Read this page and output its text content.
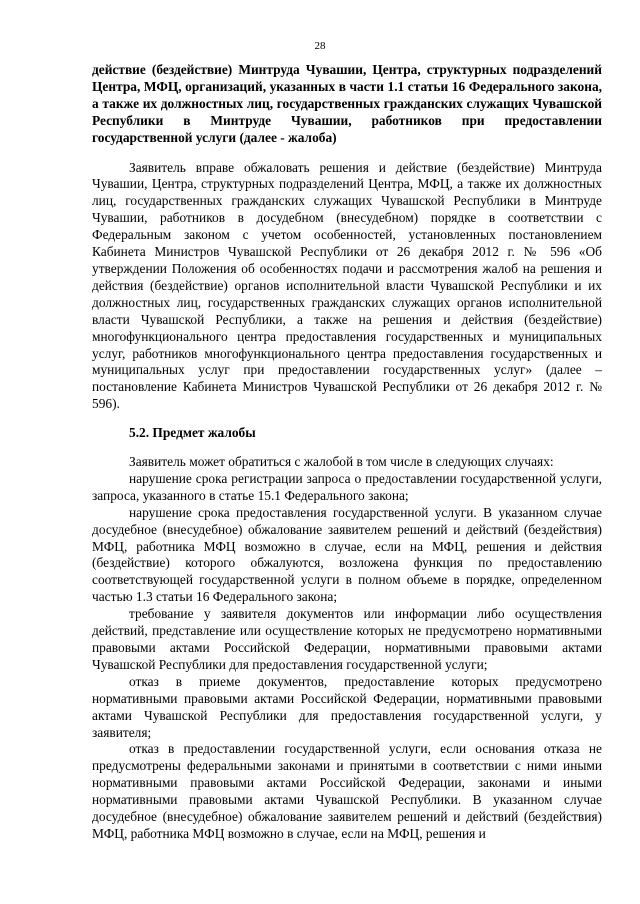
28

действие (бездействие) Минтруда Чувашии, Центра, структурных подразделений Центра, МФЦ, организаций, указанных в части 1.1 статьи 16 Федерального закона, а также их должностных лиц, государственных гражданских служащих Чувашской Республики в Минтруде Чувашии, работников при предоставлении государственной услуги (далее - жалоба)

Заявитель вправе обжаловать решения и действие (бездействие) Минтруда Чувашии, Центра, структурных подразделений Центра, МФЦ, а также их должностных лиц, государственных гражданских служащих Чувашской Республики в Минтруде Чувашии, работников в досудебном (внесудебном) порядке в соответствии с Федеральным законом с учетом особенностей, установленных постановлением Кабинета Министров Чувашской Республики от 26 декабря 2012 г. № 596 «Об утверждении Положения об особенностях подачи и рассмотрения жалоб на решения и действия (бездействие) органов исполнительной власти Чувашской Республики и их должностных лиц, государственных гражданских служащих органов исполнительной власти Чувашской Республики, а также на решения и действия (бездействие) многофункционального центра предоставления государственных и муниципальных услуг, работников многофункционального центра предоставления государственных и муниципальных услуг при предоставлении государственных услуг» (далее – постановление Кабинета Министров Чувашской Республики от 26 декабря 2012 г. № 596).

5.2. Предмет жалобы

Заявитель может обратиться с жалобой в том числе в следующих случаях:

нарушение срока регистрации запроса о предоставлении государственной услуги, запроса, указанного в статье 15.1 Федерального закона;

нарушение срока предоставления государственной услуги. В указанном случае досудебное (внесудебное) обжалование заявителем решений и действий (бездействия) МФЦ, работника МФЦ возможно в случае, если на МФЦ, решения и действия (бездействие) которого обжалуются, возложена функция по предоставлению соответствующей государственной услуги в полном объеме в порядке, определенном частью 1.3 статьи 16 Федерального закона;

требование у заявителя документов или информации либо осуществления действий, представление или осуществление которых не предусмотрено нормативными правовыми актами Российской Федерации, нормативными правовыми актами Чувашской Республики для предоставления государственной услуги;

отказ в приеме документов, предоставление которых предусмотрено нормативными правовыми актами Российской Федерации, нормативными правовыми актами Чувашской Республики для предоставления государственной услуги, у заявителя;

отказ в предоставлении государственной услуги, если основания отказа не предусмотрены федеральными законами и принятыми в соответствии с ними иными нормативными правовыми актами Российской Федерации, законами и иными нормативными правовыми актами Чувашской Республики. В указанном случае досудебное (внесудебное) обжалование заявителем решений и действий (бездействия) МФЦ, работника МФЦ возможно в случае, если на МФЦ, решения и
